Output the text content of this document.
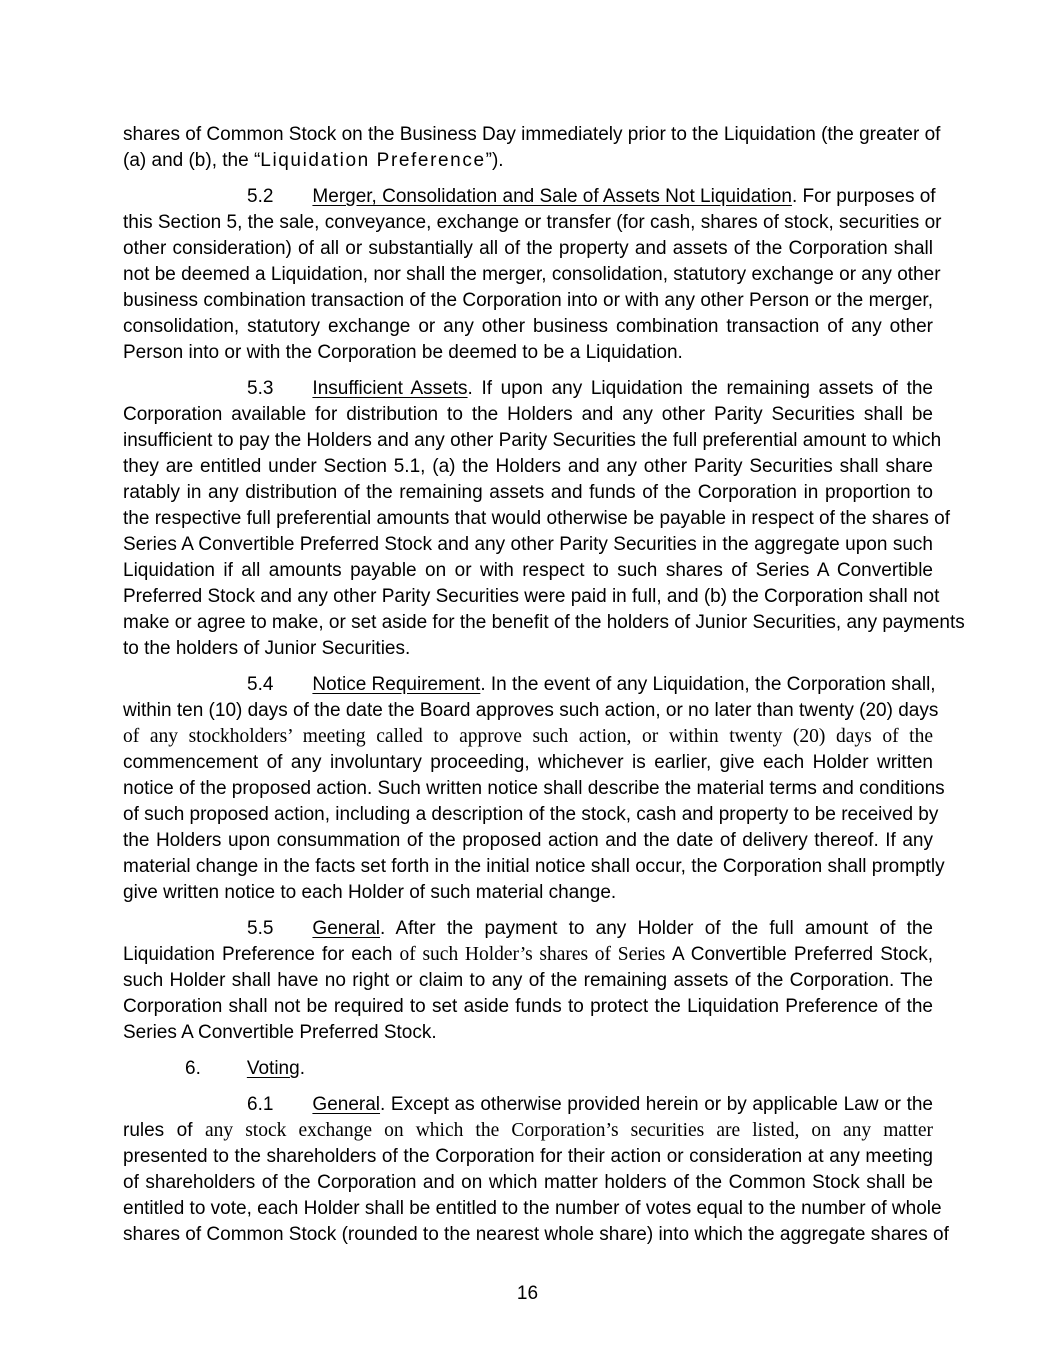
shares of Common Stock on the Business Day immediately prior to the Liquidation (the greater of
(a) and (b), the “Liquidation Preference”).
5.2 Merger, Consolidation and Sale of Assets Not Liquidation. For purposes of
this Section 5, the sale, conveyance, exchange or transfer (for cash, shares of stock, securities or
other consideration) of all or substantially all of the property and assets of the Corporation shall
not be deemed a Liquidation, nor shall the merger, consolidation, statutory exchange or any other
business combination transaction of the Corporation into or with any other Person or the merger,
consolidation, statutory exchange or any other business combination transaction of any other
Person into or with the Corporation be deemed to be a Liquidation.
5.3 Insufficient Assets. If upon any Liquidation the remaining assets of the
Corporation available for distribution to the Holders and any other Parity Securities shall be
insufficient to pay the Holders and any other Parity Securities the full preferential amount to which
they are entitled under Section 5.1, (a) the Holders and any other Parity Securities shall share
ratably in any distribution of the remaining assets and funds of the Corporation in proportion to
the respective full preferential amounts that would otherwise be payable in respect of the shares of
Series A Convertible Preferred Stock and any other Parity Securities in the aggregate upon such
Liquidation if all amounts payable on or with respect to such shares of Series A Convertible
Preferred Stock and any other Parity Securities were paid in full, and (b) the Corporation shall not
make or agree to make, or set aside for the benefit of the holders of Junior Securities, any payments
to the holders of Junior Securities.
5.4 Notice Requirement. In the event of any Liquidation, the Corporation shall,
within ten (10) days of the date the Board approves such action, or no later than twenty (20) days
of any stockholders’ meeting called to approve such action, or within twenty (20) days of the
commencement of any involuntary proceeding, whichever is earlier, give each Holder written
notice of the proposed action. Such written notice shall describe the material terms and conditions
of such proposed action, including a description of the stock, cash and property to be received by
the Holders upon consummation of the proposed action and the date of delivery thereof. If any
material change in the facts set forth in the initial notice shall occur, the Corporation shall promptly
give written notice to each Holder of such material change.
5.5 General. After the payment to any Holder of the full amount of the
Liquidation Preference for each of such Holder’s shares of Series A Convertible Preferred Stock,
such Holder shall have no right or claim to any of the remaining assets of the Corporation. The
Corporation shall not be required to set aside funds to protect the Liquidation Preference of the
Series A Convertible Preferred Stock.
6. Voting.
6.1 General. Except as otherwise provided herein or by applicable Law or the
rules of any stock exchange on which the Corporation’s securities are listed, on any matter
presented to the shareholders of the Corporation for their action or consideration at any meeting
of shareholders of the Corporation and on which matter holders of the Common Stock shall be
entitled to vote, each Holder shall be entitled to the number of votes equal to the number of whole
shares of Common Stock (rounded to the nearest whole share) into which the aggregate shares of
16
